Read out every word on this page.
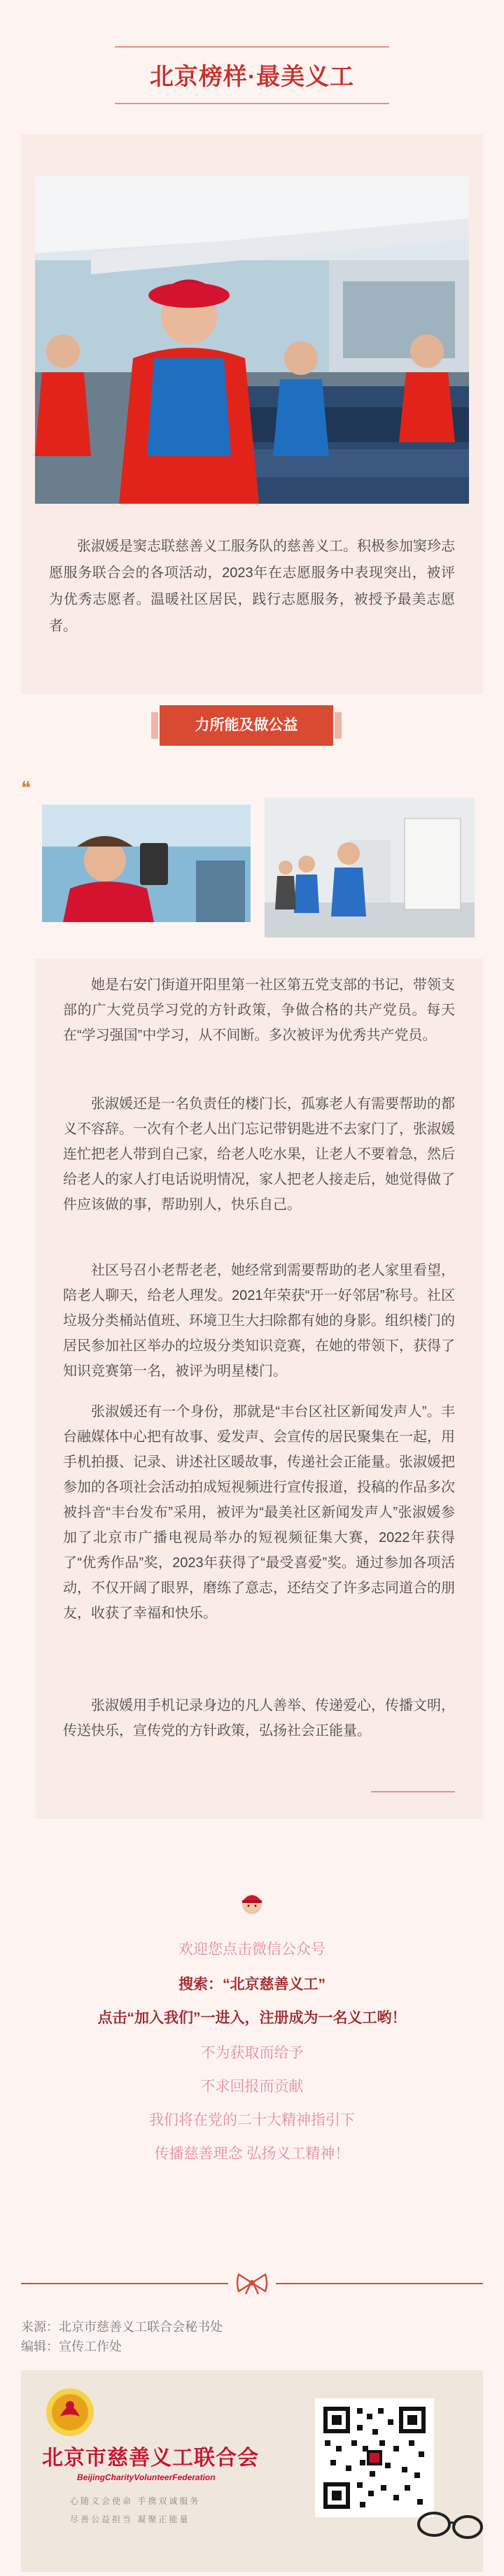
北京榜样·最美义工

张淑媛是窦志联慈善义工服务队的慈善义工。积极参加窦珍志愿服务联合会的各项活动，2023年在志愿服务中表现突出，被评为优秀志愿者。温暖社区居民，践行志愿服务，被授予最美志愿者。

力所能及做公益
❝

她是右安门街道开阳里第一社区第五党支部的书记，带领支部的广大党员学习党的方针政策，争做合格的共产党员。每天在“学习强国”中学习，从不间断。多次被评为优秀共产党员。

张淑媛还是一名负责任的楼门长，孤寡老人有需要帮助的都义不容辞。一次有个老人出门忘记带钥匙进不去家门了，张淑媛连忙把老人带到自己家，给老人吃水果，让老人不要着急，然后给老人的家人打电话说明情况，家人把老人接走后，她觉得做了件应该做的事，帮助别人，快乐自己。

社区号召小老帮老老，她经常到需要帮助的老人家里看望，陪老人聊天，给老人理发。2021年荣获“开一好邻居”称号。社区垃圾分类桶站值班、环境卫生大扫除都有她的身影。组织楼门的居民参加社区举办的垃圾分类知识竞赛，在她的带领下，获得了知识竞赛第一名，被评为明星楼门。

张淑媛还有一个身份，那就是“丰台区社区新闻发声人”。丰台融媒体中心把有故事、爱发声、会宣传的居民聚集在一起，用手机拍摄、记录、讲述社区暖故事，传递社会正能量。张淑媛把参加的各项社会活动拍成短视频进行宣传报道，投稿的作品多次被抖音“丰台发布”采用，被评为“最美社区新闻发声人”张淑媛参加了北京市广播电视局举办的短视频征集大赛，2022年获得了“优秀作品”奖，2023年获得了“最受喜爱”奖。通过参加各项活动，不仅开阔了眼界，磨练了意志，还结交了许多志同道合的朋友，收获了幸福和快乐。

张淑媛用手机记录身边的凡人善举、传递爱心，传播文明，传送快乐，宣传党的方针政策，弘扬社会正能量。

欢迎您点击微信公众号
搜索：“北京慈善义工”
点击“加入我们”一进入，注册成为一名义工哟！
不为获取而给予
不求回报而贡献
我们将在党的二十大精神指引下
传播慈善理念 弘扬义工精神！
来源：北京市慈善义工联合会秘书处
编辑：宣传工作处
北京市慈善义工联合会
BeijingCharityVolunteerFederation
心随义会使命 手携双诚服务
尽善公益担当 凝聚正能量
